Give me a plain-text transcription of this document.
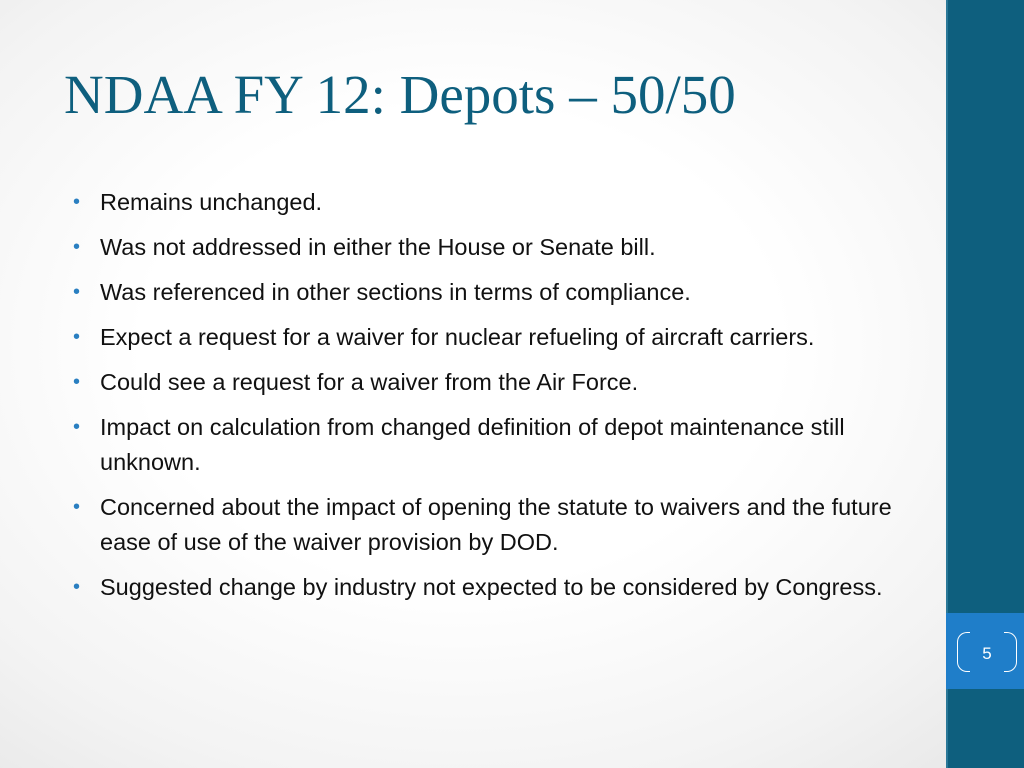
NDAA FY 12: Depots – 50/50
• Remains unchanged.
• Was not addressed in either the House or Senate bill.
• Was referenced in other sections in terms of compliance.
• Expect a request for a waiver for nuclear refueling of aircraft carriers.
• Could see a request for a waiver from the Air Force.
• Impact on calculation from changed definition of depot maintenance still unknown.
• Concerned about the impact of opening the statute to waivers and the future ease of use of the waiver provision by DOD.
• Suggested change by industry not expected to be considered by Congress.
5
